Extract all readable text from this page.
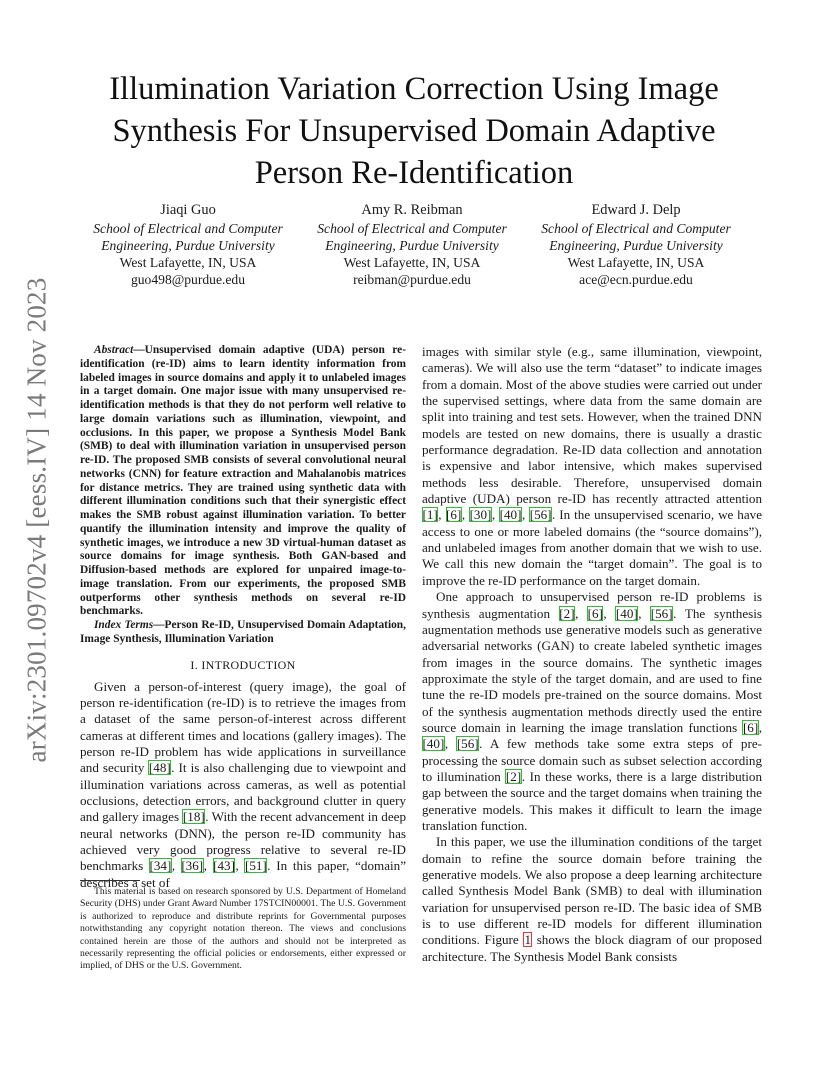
arXiv:2301.09702v4 [eess.IV] 14 Nov 2023
Illumination Variation Correction Using Image
Synthesis For Unsupervised Domain Adaptive
Person Re-Identification
Jiaqi Guo
School of Electrical and Computer
Engineering, Purdue University
West Lafayette, IN, USA
guo498@purdue.edu
Amy R. Reibman
School of Electrical and Computer
Engineering, Purdue University
West Lafayette, IN, USA
reibman@purdue.edu
Edward J. Delp
School of Electrical and Computer
Engineering, Purdue University
West Lafayette, IN, USA
ace@ecn.purdue.edu

Abstract—Unsupervised domain adaptive (UDA) person re-identification (re-ID) aims to learn identity information from labeled images in source domains and apply it to unlabeled images in a target domain. One major issue with many unsupervised re-identification methods is that they do not perform well relative to large domain variations such as illumination, viewpoint, and occlusions. In this paper, we propose a Synthesis Model Bank (SMB) to deal with illumination variation in unsupervised person re-ID. The proposed SMB consists of several convolutional neural networks (CNN) for feature extraction and Mahalanobis matrices for distance metrics. They are trained using synthetic data with different illumination conditions such that their synergistic effect makes the SMB robust against illumination variation. To better quantify the illumination intensity and improve the quality of synthetic images, we introduce a new 3D virtual-human dataset as source domains for image synthesis. Both GAN-based and Diffusion-based methods are explored for unpaired image-to-image translation. From our experiments, the proposed SMB outperforms other synthesis methods on several re-ID benchmarks.

Index Terms—Person Re-ID, Unsupervised Domain Adaptation, Image Synthesis, Illumination Variation

I. INTRODUCTION

Given a person-of-interest (query image), the goal of person re-identification (re-ID) is to retrieve the images from a dataset of the same person-of-interest across different cameras at different times and locations (gallery images). The person re-ID problem has wide applications in surveillance and security [48]. It is also challenging due to viewpoint and illumination variations across cameras, as well as potential occlusions, detection errors, and background clutter in query and gallery images [18]. With the recent advancement in deep neural networks (DNN), the person re-ID community has achieved very good progress relative to several re-ID benchmarks [34], [36], [43], [51]. In this paper, “domain” describes a set of

This material is based on research sponsored by U.S. Department of Homeland Security (DHS) under Grant Award Number 17STCIN00001. The U.S. Government is authorized to reproduce and distribute reprints for Governmental purposes notwithstanding any copyright notation thereon. The views and conclusions contained herein are those of the authors and should not be interpreted as necessarily representing the official policies or endorsements, either expressed or implied, of DHS or the U.S. Government.

images with similar style (e.g., same illumination, viewpoint, cameras). We will also use the term “dataset” to indicate images from a domain. Most of the above studies were carried out under the supervised settings, where data from the same domain are split into training and test sets. However, when the trained DNN models are tested on new domains, there is usually a drastic performance degradation. Re-ID data collection and annotation is expensive and labor intensive, which makes supervised methods less desirable. Therefore, unsupervised domain adaptive (UDA) person re-ID has recently attracted attention [1], [6], [30], [40], [56]. In the unsupervised scenario, we have access to one or more labeled domains (the “source domains”), and unlabeled images from another domain that we wish to use. We call this new domain the “target domain”. The goal is to improve the re-ID performance on the target domain.

One approach to unsupervised person re-ID problems is synthesis augmentation [2], [6], [40], [56]. The synthesis augmentation methods use generative models such as generative adversarial networks (GAN) to create labeled synthetic images from images in the source domains. The synthetic images approximate the style of the target domain, and are used to fine tune the re-ID models pre-trained on the source domains. Most of the synthesis augmentation methods directly used the entire source domain in learning the image translation functions [6], [40], [56]. A few methods take some extra steps of pre-processing the source domain such as subset selection according to illumination [2]. In these works, there is a large distribution gap between the source and the target domains when training the generative models. This makes it difficult to learn the image translation function.

In this paper, we use the illumination conditions of the target domain to refine the source domain before training the generative models. We also propose a deep learning architecture called Synthesis Model Bank (SMB) to deal with illumination variation for unsupervised person re-ID. The basic idea of SMB is to use different re-ID models for different illumination conditions. Figure 1 shows the block diagram of our proposed architecture. The Synthesis Model Bank consists
